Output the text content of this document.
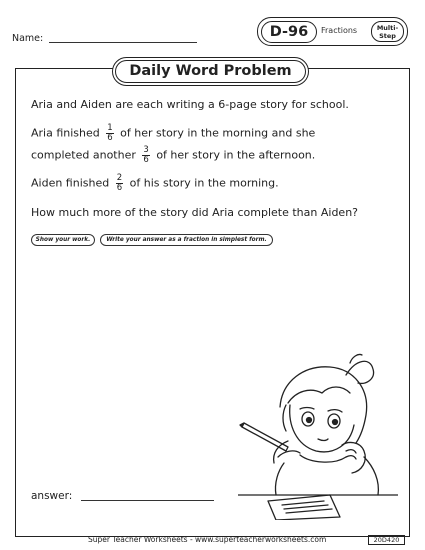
Name:	D-96	Fractions	Multi-
Step
Daily Word Problem
Aria and Aiden are each writing a 6-page story for school.
Aria finished $\frac{1}{6}$ of her story in the morning and she
completed another $\frac{3}{6}$ of her story in the afternoon.
Aiden finished $\frac{2}{6}$ of his story in the morning.
How much more of the story did Aria complete than Aiden?
Show your work.	Write your answer as a fraction in simplest form.
answer:
Super Teacher Worksheets - www.superteacherworksheets.com	20D420
